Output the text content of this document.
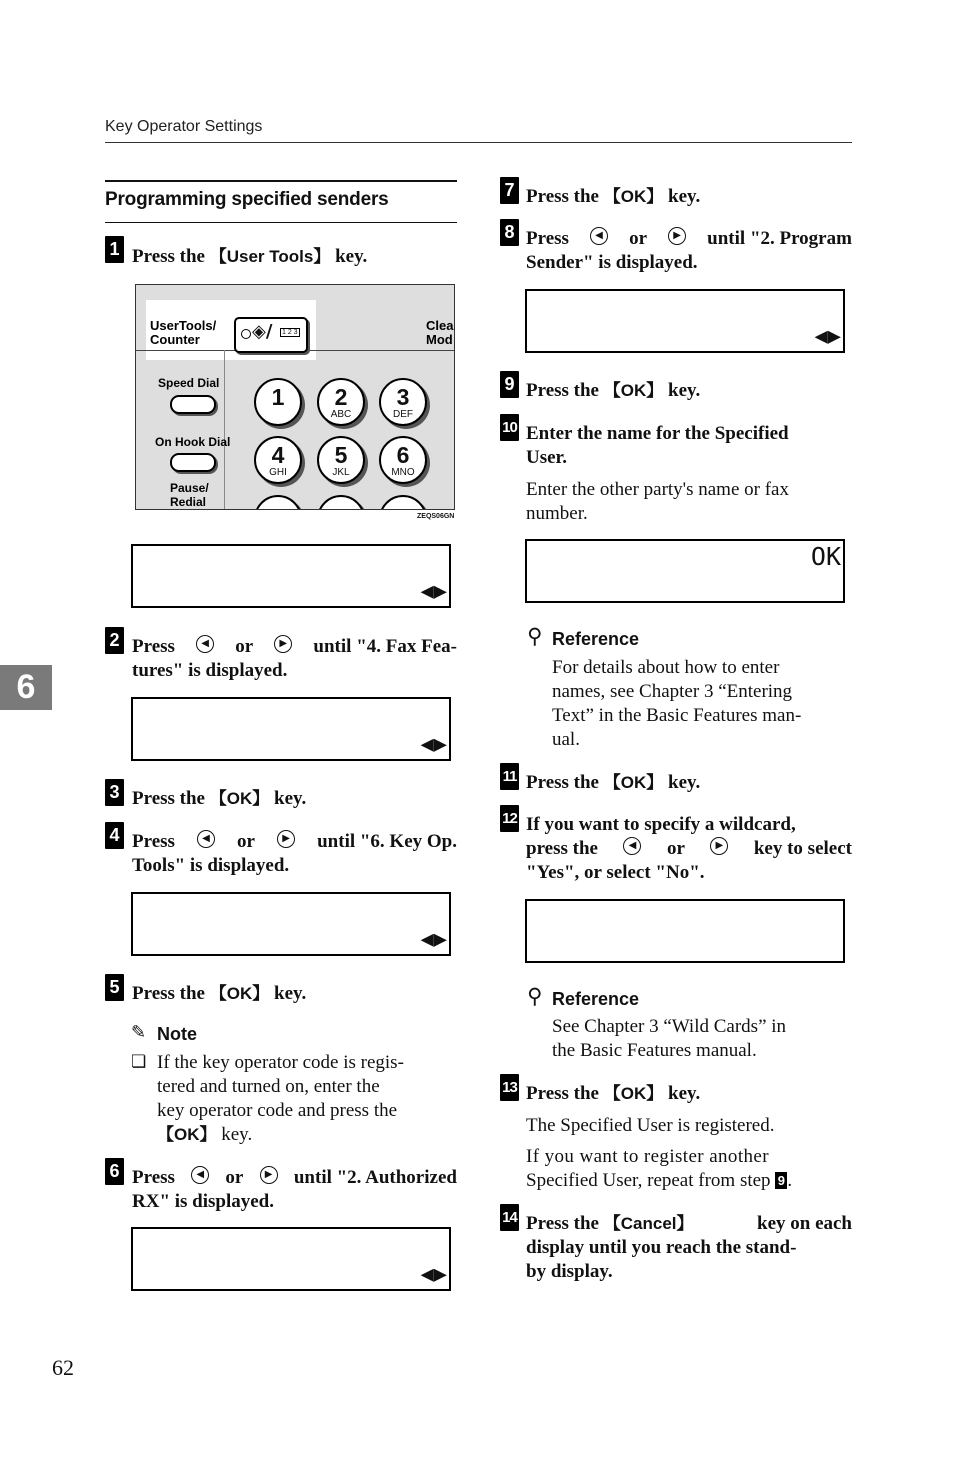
Key Operator Settings
6
Programming specified senders
1 Press the 【User Tools】 key.
UserTools/
Counter	◈/ 1 2 3	Clea
Mod
Speed Dial
On Hook Dial
Pause/
Redial
1	2
ABC
3
DEF
4
GHI
5
JKL
6
MNO
ZEQS06GN

◀▶

2 Press	◀ or	▶ until "4. Fax Fea-
tures" is displayed.

◀▶

3 Press the 【OK】 key.
4 Press	◀ or	▶ until "6. Key Op.
Tools" is displayed.

◀▶

5 Press the 【OK】 key.
✎ Note
❏ If the key operator code is regis-
tered and turned on, enter the
key operator code and press the
【OK】 key.
6 Press	◀ or	▶ until "2. Authorized
RX" is displayed.

◀▶

7 Press the 【OK】 key.
8 Press	◀ or	▶ until "2. Program
Sender" is displayed.

◀▶

9 Press the 【OK】 key.
10 Enter the name for the Specified
User.
Enter the other party's name or fax
number.

OK

⚲ Reference
For details about how to enter
names, see Chapter 3 “Entering
Text” in the Basic Features man-
ual.
11 Press the 【OK】 key.
12 If you want to specify a wildcard,
press the	◀ or	▶ key to select
"Yes", or select "No".

⚲ Reference
See Chapter 3 “Wild Cards” in
the Basic Features manual.
13 Press the 【OK】 key.
The Specified User is registered.
If you want to register another
Specified User, repeat from step 9 .
14 Press the 【Cancel】	key on each
display until you reach the stand-
by display.
62
